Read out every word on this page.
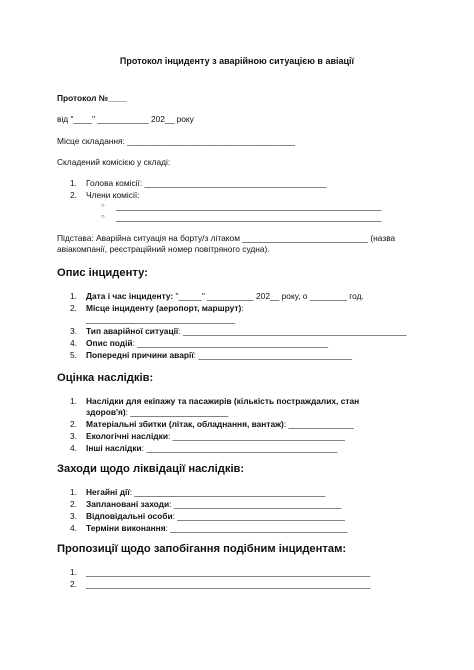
Протокол інциденту з аварійною ситуацією в авіації
Протокол №____
від "____" ___________ 202__ року
Місце складання: ____________________________________
Складений комісією у складі:
1. Голова комісії: _______________________________________
2. Члени комісії:
○ _________________________________________________________
○ _________________________________________________________
Підстава: Аварійна ситуація на борту/з літаком ___________________________ (назва
авіакомпанії, реєстраційний номер повітряного судна).
Опис інциденту:
1. Дата і час інциденту: "_____" __________ 202__ року, о ________ год.
2. Місце інциденту (аеропорт, маршрут):
________________________________
3. Тип аварійної ситуації: ________________________________________________
4. Опис подій: _________________________________________
5. Попередні причини аварії: _________________________________
Оцінка наслідків:
1. Наслідки для екіпажу та пасажирів (кількість постраждалих, стан
здоров'я): _____________________
2. Матеріальні збитки (літак, обладнання, вантаж): ______________
3. Екологічні наслідки: _____________________________________
4. Інші наслідки: _________________________________________
Заходи щодо ліквідації наслідків:
1. Негайні дії: _________________________________________
2. Заплановані заходи: ____________________________________
3. Відповідальні особи: ____________________________________
4. Терміни виконання: ______________________________________
Пропозиції щодо запобігання подібним інцидентам:
1. _____________________________________________________________
2. _____________________________________________________________
